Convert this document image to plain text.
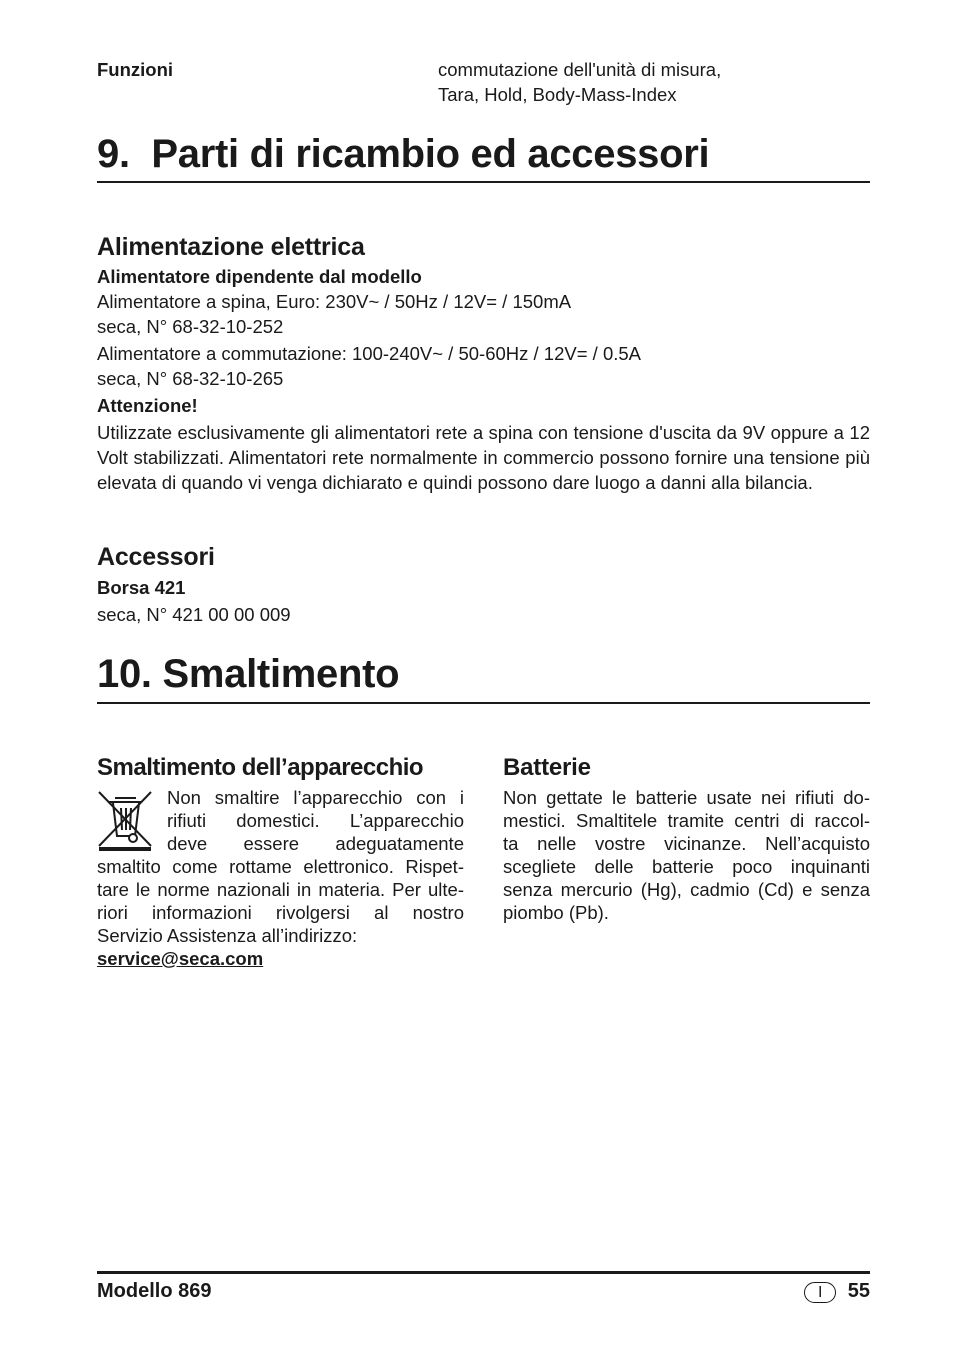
Funzioni	commutazione dell'unità di misura,
Tara, Hold, Body-Mass-Index
9.  Parti di ricambio ed accessori
Alimentazione elettrica
Alimentatore dipendente dal modello
Alimentatore a spina, Euro: 230V~ / 50Hz / 12V= / 150mA
seca, N° 68-32-10-252
Alimentatore a commutazione: 100-240V~ / 50-60Hz / 12V= / 0.5A
seca, N° 68-32-10-265
Attenzione!
Utilizzate esclusivamente gli alimentatori rete a spina con tensione d'uscita da 9V oppure a 12 Volt stabilizzati. Alimentatori rete normalmente in commercio possono fornire una tensione più elevata di quando vi venga dichiarato e quindi possono dare luogo a danni alla bilancia.
Accessori
Borsa 421
seca, N° 421 00 00 009
10. Smaltimento
Smaltimento dell’apparecchio
Non smaltire l’apparecchio con i
rifiuti domestici. L’apparecchio
deve essere adeguatamente
smaltito come rottame elettronico. Rispet-
tare le norme nazionali in materia. Per ulte-
riori informazioni rivolgersi al nostro
Servizio Assistenza all’indirizzo:
service@seca.com
Batterie
Non gettate le batterie usate nei rifiuti do-
mestici. Smaltitele tramite centri di raccol-
ta nelle vostre vicinanze. Nell’acquisto
scegliete delle batterie poco inquinanti
senza mercurio (Hg), cadmio (Cd) e senza
piombo (Pb).
Modello 869	I 55
